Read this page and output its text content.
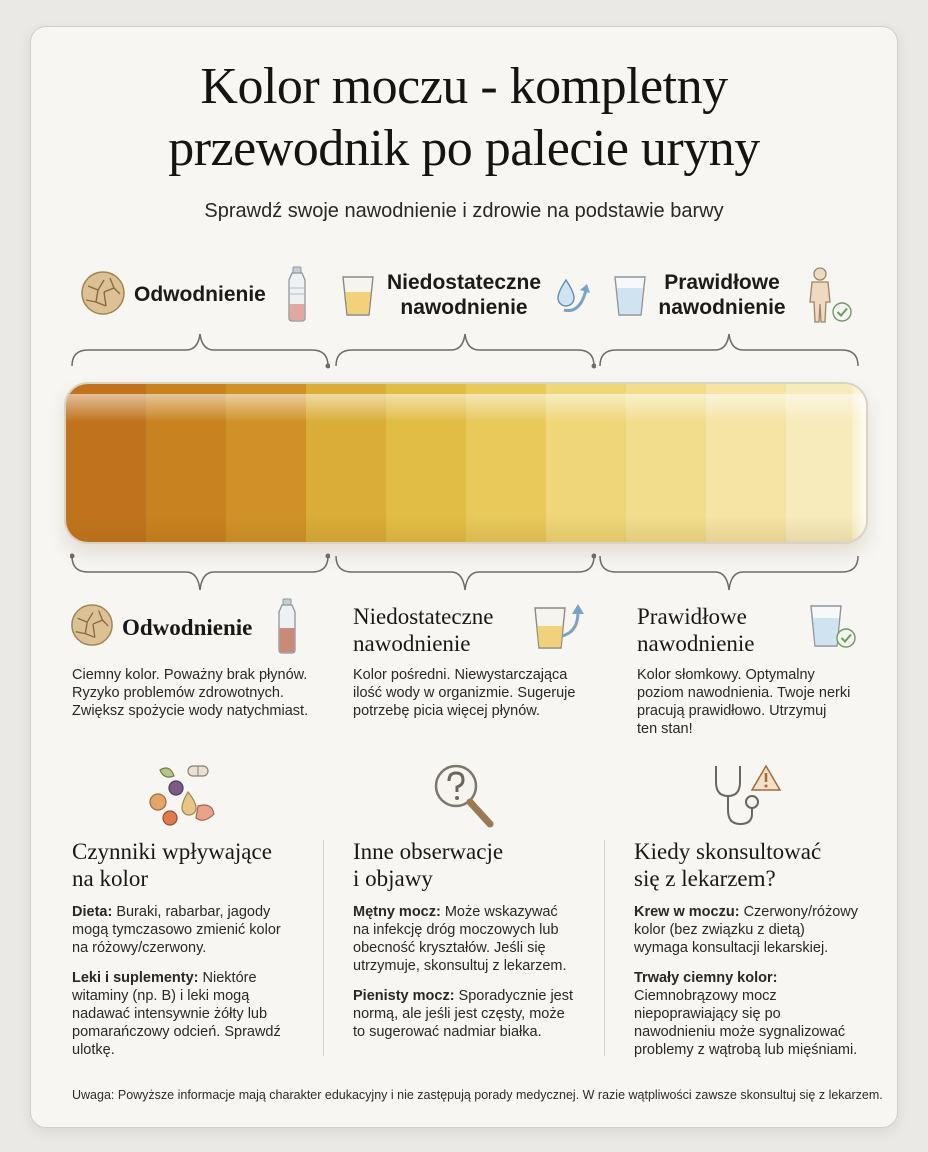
Kolor moczu - kompletny
przewodnik po palecie uryny
Sprawdź swoje nawodnienie i zdrowie na podstawie barwy
Odwodnienie
Niedostateczne
nawodnienie
Prawidłowe
nawodnienie
Odwodnienie
Ciemny kolor. Poważny brak płynów.
Ryzyko problemów zdrowotnych.
Zwiększ spożycie wody natychmiast.
Niedostateczne
nawodnienie
Kolor pośredni. Niewystarczająca
ilość wody w organizmie. Sugeruje
potrzebę picia więcej płynów.
Prawidłowe
nawodnienie
Kolor słomkowy. Optymalny
poziom nawodnienia. Twoje nerki
pracują prawidłowo. Utrzymuj
ten stan!
Czynniki wpływające
na kolor
Dieta: Buraki, rabarbar, jagody
mogą tymczasowo zmienić kolor
na różowy/czerwony.
Leki i suplementy: Niektóre
witaminy (np. B) i leki mogą
nadawać intensywnie żółty lub
pomarańczowy odcień. Sprawdź
ulotkę.
Inne obserwacje
i objawy
Mętny mocz: Może wskazywać
na infekcję dróg moczowych lub
obecność kryształów. Jeśli się
utrzymuje, skonsultuj z lekarzem.
Pienisty mocz: Sporadycznie jest
normą, ale jeśli jest częsty, może
to sugerować nadmiar białka.
Kiedy skonsultować
się z lekarzem?
Krew w moczu: Czerwony/różowy
kolor (bez związku z dietą)
wymaga konsultacji lekarskiej.
Trwały ciemny kolor:
Ciemnobrązowy mocz
niepoprawiający się po
nawodnieniu może sygnalizować
problemy z wątrobą lub mięśniami.
Uwaga: Powyższe informacje mają charakter edukacyjny i nie zastępują porady medycznej. W razie wątpliwości zawsze skonsultuj się z lekarzem.
